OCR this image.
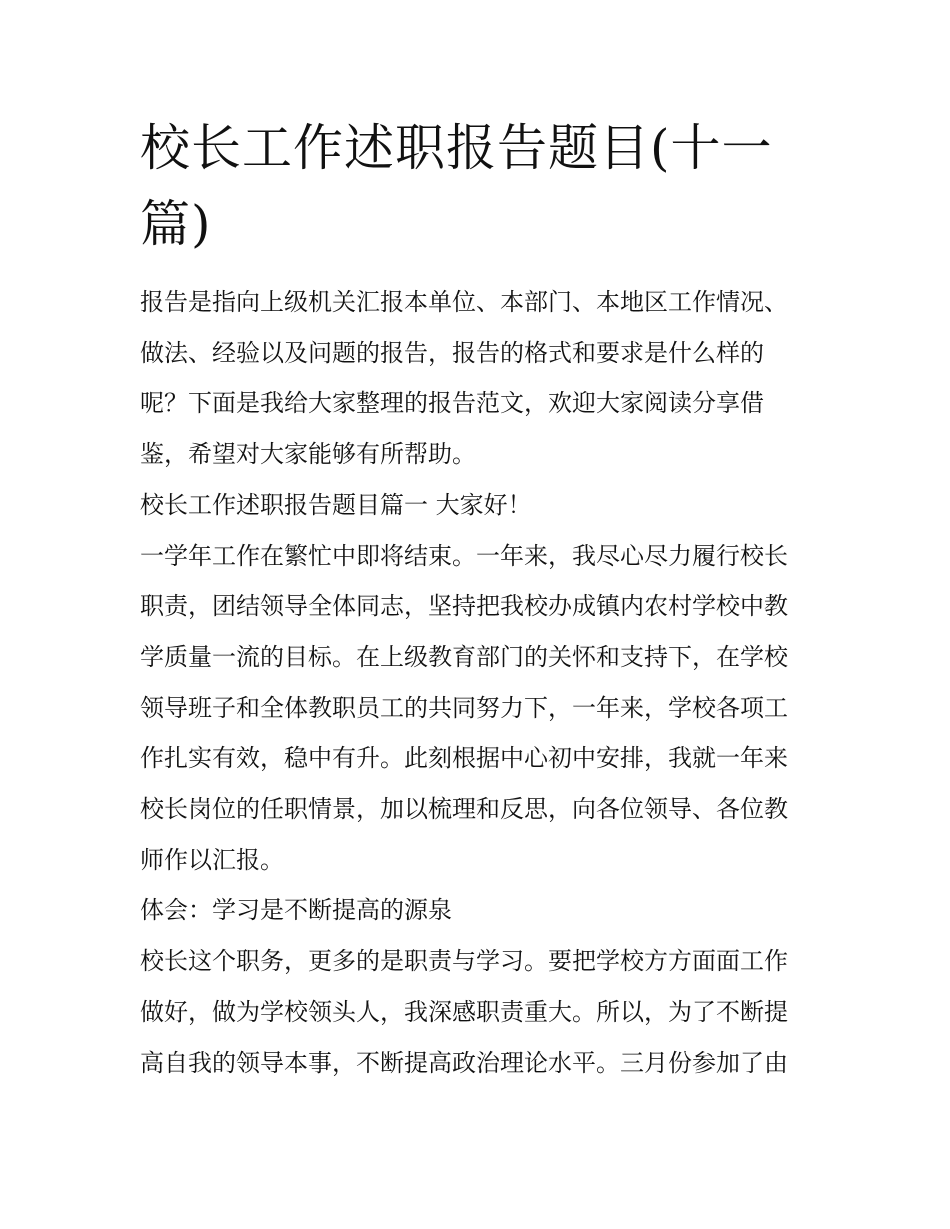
校长工作述职报告题目(十一
篇)
报告是指向上级机关汇报本单位、本部门、本地区工作情况、
做法、经验以及问题的报告，报告的格式和要求是什么样的
呢？下面是我给大家整理的报告范文，欢迎大家阅读分享借
鉴，希望对大家能够有所帮助。
校长工作述职报告题目篇一 大家好！
一学年工作在繁忙中即将结束。一年来，我尽心尽力履行校长
职责，团结领导全体同志，坚持把我校办成镇内农村学校中教
学质量一流的目标。在上级教育部门的关怀和支持下，在学校
领导班子和全体教职员工的共同努力下，一年来，学校各项工
作扎实有效，稳中有升。此刻根据中心初中安排，我就一年来
校长岗位的任职情景，加以梳理和反思，向各位领导、各位教
师作以汇报。
体会：学习是不断提高的源泉
校长这个职务，更多的是职责与学习。要把学校方方面面工作
做好，做为学校领头人，我深感职责重大。所以，为了不断提
高自我的领导本事，不断提高政治理论水平。三月份参加了由
